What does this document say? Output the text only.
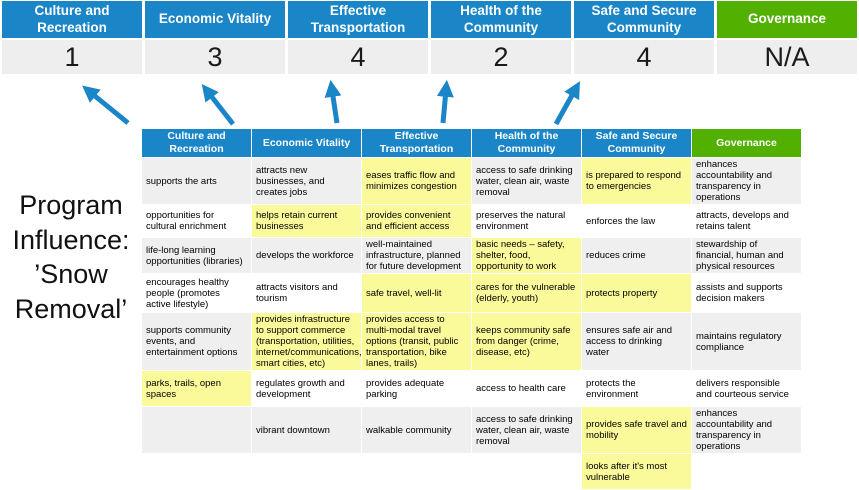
Culture and Recreation
1
Economic Vitality
3
Effective Transportation
4
Health of the Community
2
Safe and Secure Community
4
Governance
N/A
Program Influence: ’Snow Removal’
Culture and Recreation	Economic Vitality	Effective Transportation	Health of the Community	Safe and Secure Community	Governance
supports the arts	attracts new businesses, and creates jobs	eases traffic flow and minimizes congestion	access to safe drinking water, clean air, waste removal	is prepared to respond to emergencies	enhances accountability and transparency in operations
opportunities for cultural enrichment	helps retain current businesses	provides convenient and efficient access	preserves the natural environment	enforces the law	attracts, develops and retains talent
life-long learning opportunities (libraries)	develops the workforce	well-maintained infrastructure, planned for future development	basic needs – safety, shelter, food, opportunity to work	reduces crime	stewardship of financial, human and physical resources
encourages healthy people (promotes active lifestyle)	attracts visitors and tourism	safe travel, well-lit	cares for the vulnerable (elderly, youth)	protects property	assists and supports decision makers
supports community events, and entertainment options	provides infrastructure to support commerce (transportation, utilities, internet/communications, smart cities, etc)	provides access to multi-modal travel options (transit, public transportation, bike lanes, trails)	keeps community safe from danger (crime, disease, etc)	ensures safe air and access to drinking water	maintains regulatory compliance
parks, trails, open spaces	regulates growth and development	provides adequate parking	access to health care	protects the environment	delivers responsible and courteous service
	vibrant downtown	walkable community	access to safe drinking water, clean air, waste removal	provides safe travel and mobility	enhances accountability and transparency in operations
				looks after it's most vulnerable	
